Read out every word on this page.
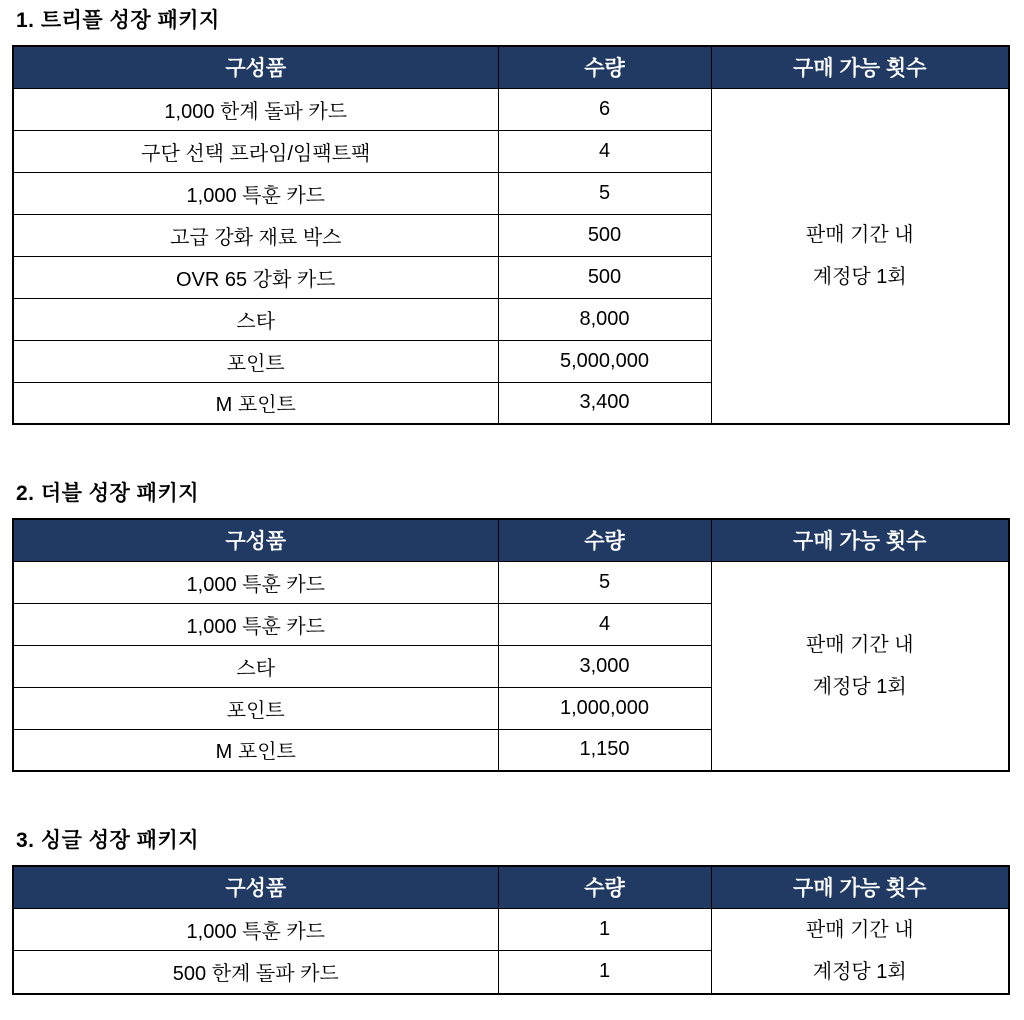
1. 트리플 성장 패키지
구성품	수량	구매 가능 횟수
1,000 한계 돌파 카드	6	판매 기간 내
계정당 1회

구단 선택 프라임/임팩트팩	4	
1,000 특훈 카드	5	
고급 강화 재료 박스	500	
OVR 65 강화 카드	500	
스타	8,000	
포인트	5,000,000	
M 포인트	3,400	
2. 더블 성장 패키지
구성품	수량	구매 가능 횟수
1,000 특훈 카드	5	판매 기간 내
계정당 1회

1,000 특훈 카드	4	
스타	3,000	
포인트	1,000,000	
M 포인트	1,150	
3. 싱글 성장 패키지
구성품	수량	구매 가능 횟수
1,000 특훈 카드	1	판매 기간 내
계정당 1회

500 한계 돌파 카드	1	
